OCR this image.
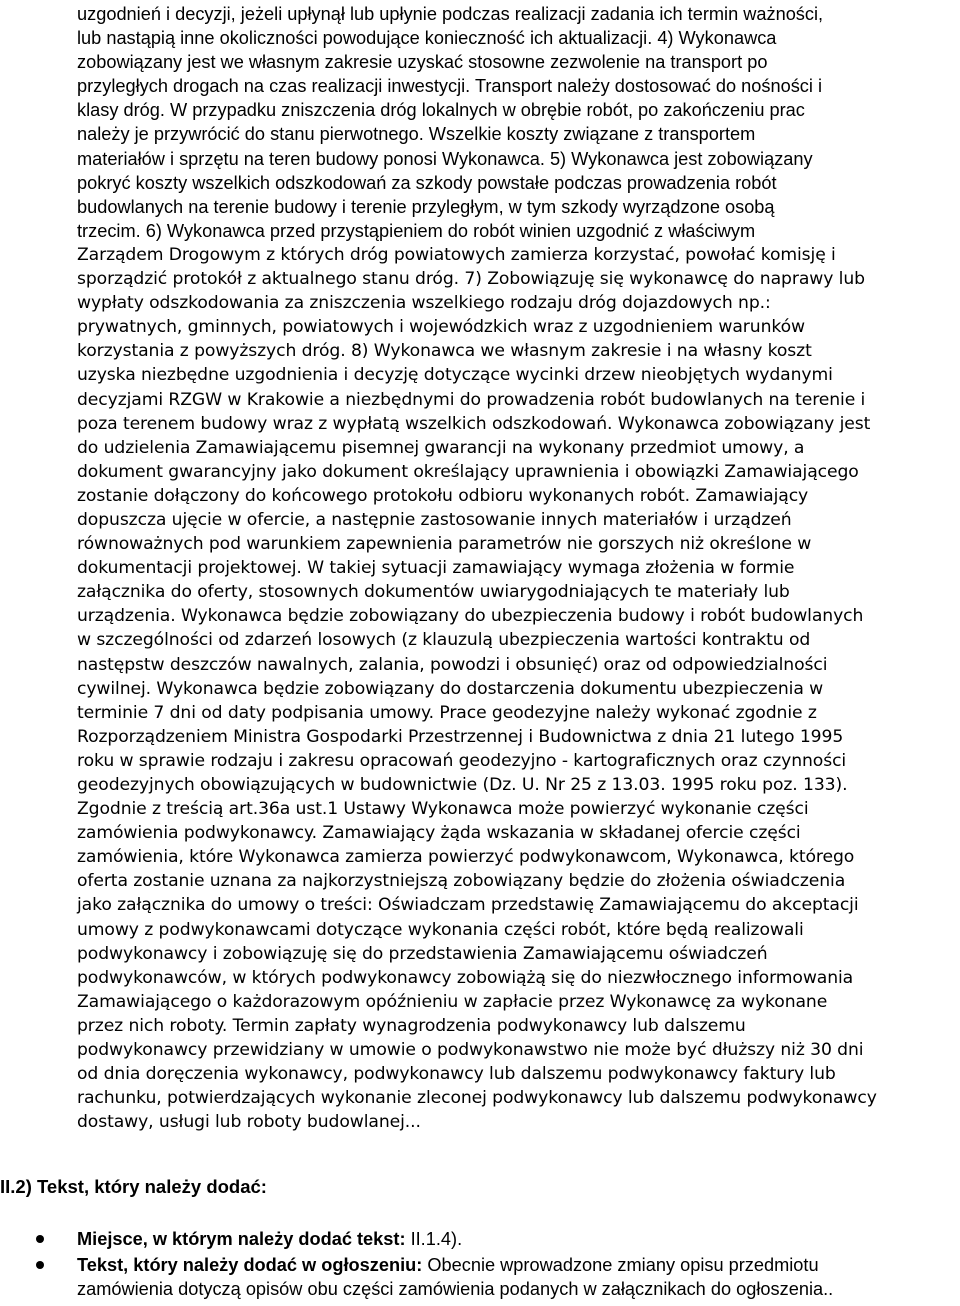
uzgodnień i decyzji, jeżeli upłynął lub upłynie podczas realizacji zadania ich termin ważności,
lub nastąpią inne okoliczności powodujące konieczność ich aktualizacji. 4) Wykonawca
zobowiązany jest we własnym zakresie uzyskać stosowne zezwolenie na transport po
przyległych drogach na czas realizacji inwestycji. Transport należy dostosować do nośności i
klasy dróg. W przypadku zniszczenia dróg lokalnych w obrębie robót, po zakończeniu prac
należy je przywrócić do stanu pierwotnego. Wszelkie koszty związane z transportem
materiałów i sprzętu na teren budowy ponosi Wykonawca. 5) Wykonawca jest zobowiązany
pokryć koszty wszelkich odszkodowań za szkody powstałe podczas prowadzenia robót
budowlanych na terenie budowy i terenie przyległym, w tym szkody wyrządzone osobą
trzecim. 6) Wykonawca przed przystąpieniem do robót winien uzgodnić z właściwym
Zarządem Drogowym z których dróg powiatowych zamierza korzystać, powołać komisję i
sporządzić protokół z aktualnego stanu dróg. 7) Zobowiązuję się wykonawcę do naprawy lub
wypłaty odszkodowania za zniszczenia wszelkiego rodzaju dróg dojazdowych np.:
prywatnych, gminnych, powiatowych i wojewódzkich wraz z uzgodnieniem warunków
korzystania z powyższych dróg. 8) Wykonawca we własnym zakresie i na własny koszt
uzyska niezbędne uzgodnienia i decyzję dotyczące wycinki drzew nieobjętych wydanymi
decyzjami RZGW w Krakowie a niezbędnymi do prowadzenia robót budowlanych na terenie i
poza terenem budowy wraz z wypłatą wszelkich odszkodowań. Wykonawca zobowiązany jest
do udzielenia Zamawiającemu pisemnej gwarancji na wykonany przedmiot umowy, a
dokument gwarancyjny jako dokument określający uprawnienia i obowiązki Zamawiającego
zostanie dołączony do końcowego protokołu odbioru wykonanych robót. Zamawiający
dopuszcza ujęcie w ofercie, a następnie zastosowanie innych materiałów i urządzeń
równoważnych pod warunkiem zapewnienia parametrów nie gorszych niż określone w
dokumentacji projektowej. W takiej sytuacji zamawiający wymaga złożenia w formie
załącznika do oferty, stosownych dokumentów uwiarygodniających te materiały lub
urządzenia. Wykonawca będzie zobowiązany do ubezpieczenia budowy i robót budowlanych
w szczególności od zdarzeń losowych (z klauzulą ubezpieczenia wartości kontraktu od
następstw deszczów nawalnych, zalania, powodzi i obsunięć) oraz od odpowiedzialności
cywilnej. Wykonawca będzie zobowiązany do dostarczenia dokumentu ubezpieczenia w
terminie 7 dni od daty podpisania umowy. Prace geodezyjne należy wykonać zgodnie z
Rozporządzeniem Ministra Gospodarki Przestrzennej i Budownictwa z dnia 21 lutego 1995
roku w sprawie rodzaju i zakresu opracowań geodezyjno - kartograficznych oraz czynności
geodezyjnych obowiązujących w budownictwie (Dz. U. Nr 25 z 13.03. 1995 roku poz. 133).
Zgodnie z treścią art.36a ust.1 Ustawy Wykonawca może powierzyć wykonanie części
zamówienia podwykonawcy. Zamawiający żąda wskazania w składanej ofercie części
zamówienia, które Wykonawca zamierza powierzyć podwykonawcom, Wykonawca, którego
oferta zostanie uznana za najkorzystniejszą zobowiązany będzie do złożenia oświadczenia
jako załącznika do umowy o treści: Oświadczam przedstawię Zamawiającemu do akceptacji
umowy z podwykonawcami dotyczące wykonania części robót, które będą realizowali
podwykonawcy i zobowiązuję się do przedstawienia Zamawiającemu oświadczeń
podwykonawców, w których podwykonawcy zobowiążą się do niezwłocznego informowania
Zamawiającego o każdorazowym opóźnieniu w zapłacie przez Wykonawcę za wykonane
przez nich roboty. Termin zapłaty wynagrodzenia podwykonawcy lub dalszemu
podwykonawcy przewidziany w umowie o podwykonawstwo nie może być dłuższy niż 30 dni
od dnia doręczenia wykonawcy, podwykonawcy lub dalszemu podwykonawcy faktury lub
rachunku, potwierdzających wykonanie zleconej podwykonawcy lub dalszemu podwykonawcy
dostawy, usługi lub roboty budowlanej...
II.2) Tekst, który należy dodać:
Miejsce, w którym należy dodać tekst: II.1.4).
Tekst, który należy dodać w ogłoszeniu: Obecnie wprowadzone zmiany opisu przedmiotu
zamówienia dotyczą opisów obu części zamówienia podanych w załącznikach do ogłoszenia..
